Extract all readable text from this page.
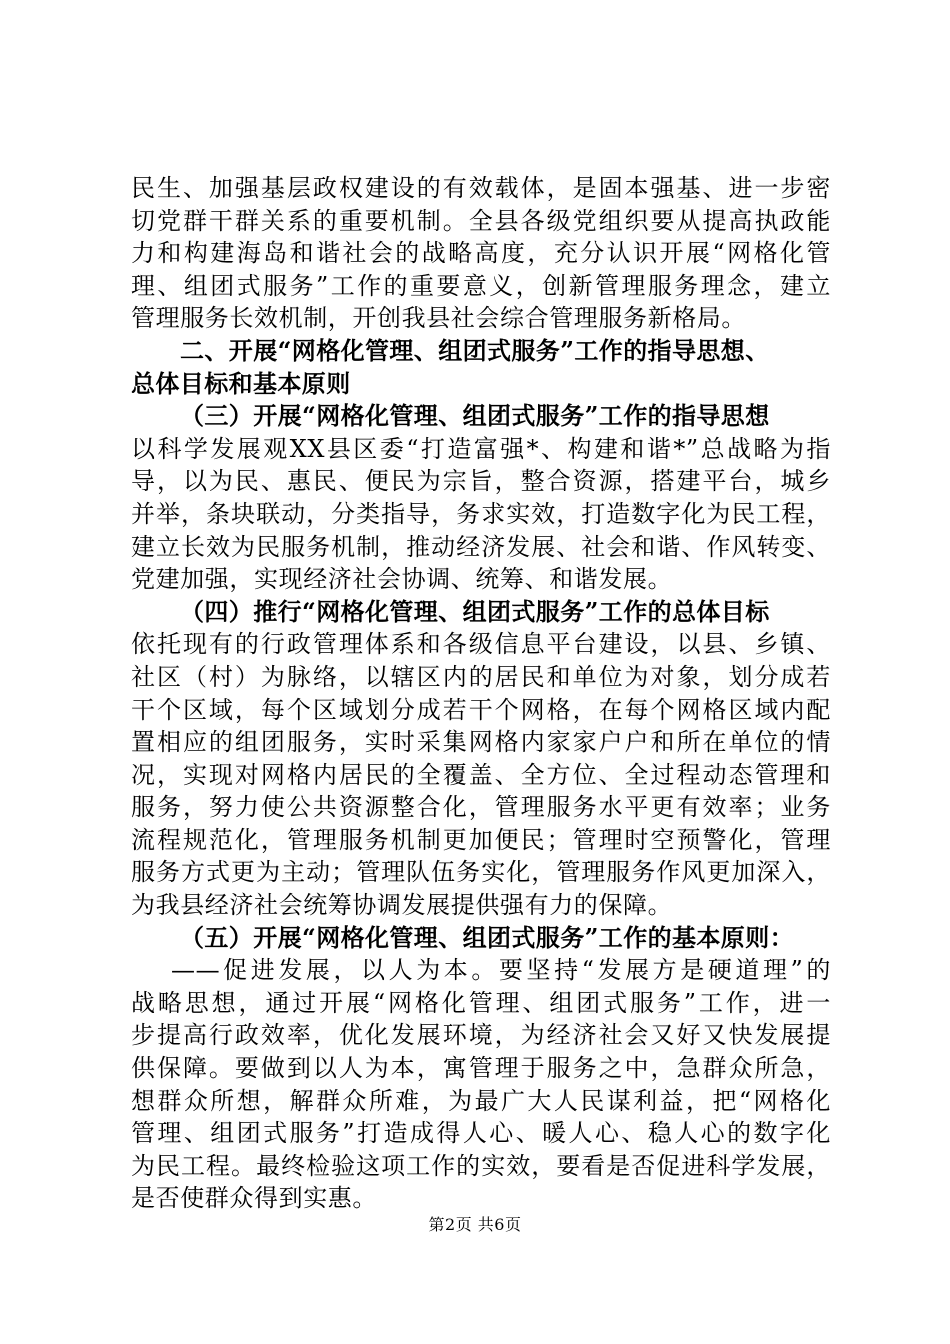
民生、加强基层政权建设的有效载体，是固本强基、进一步密
切党群干群关系的重要机制。全县各级党组织要从提高执政能
力和构建海岛和谐社会的战略高度，充分认识开展“网格化管
理、组团式服务”工作的重要意义，创新管理服务理念，建立
管理服务长效机制，开创我县社会综合管理服务新格局。
二、开展“网格化管理、组团式服务”工作的指导思想、
总体目标和基本原则
（三）开展“网格化管理、组团式服务”工作的指导思想
以科学发展观XX县区委“打造富强*、构建和谐*”总战略为指
导，以为民、惠民、便民为宗旨，整合资源，搭建平台，城乡
并举，条块联动，分类指导，务求实效，打造数字化为民工程，
建立长效为民服务机制，推动经济发展、社会和谐、作风转变、
党建加强，实现经济社会协调、统筹、和谐发展。
（四）推行“网格化管理、组团式服务”工作的总体目标
依托现有的行政管理体系和各级信息平台建设，以县、乡镇、
社区（村）为脉络，以辖区内的居民和单位为对象，划分成若
干个区域，每个区域划分成若干个网格，在每个网格区域内配
置相应的组团服务，实时采集网格内家家户户和所在单位的情
况，实现对网格内居民的全覆盖、全方位、全过程动态管理和
服务，努力使公共资源整合化，管理服务水平更有效率；业务
流程规范化，管理服务机制更加便民；管理时空预警化，管理
服务方式更为主动；管理队伍务实化，管理服务作风更加深入，
为我县经济社会统筹协调发展提供强有力的保障。
（五）开展“网格化管理、组团式服务”工作的基本原则：
——促进发展，以人为本。要坚持“发展方是硬道理”的
战略思想，通过开展“网格化管理、组团式服务”工作，进一
步提高行政效率，优化发展环境，为经济社会又好又快发展提
供保障。要做到以人为本，寓管理于服务之中，急群众所急，
想群众所想，解群众所难，为最广大人民谋利益，把“网格化
管理、组团式服务”打造成得人心、暖人心、稳人心的数字化
为民工程。最终检验这项工作的实效，要看是否促进科学发展，
是否使群众得到实惠。
第2页 共6页
